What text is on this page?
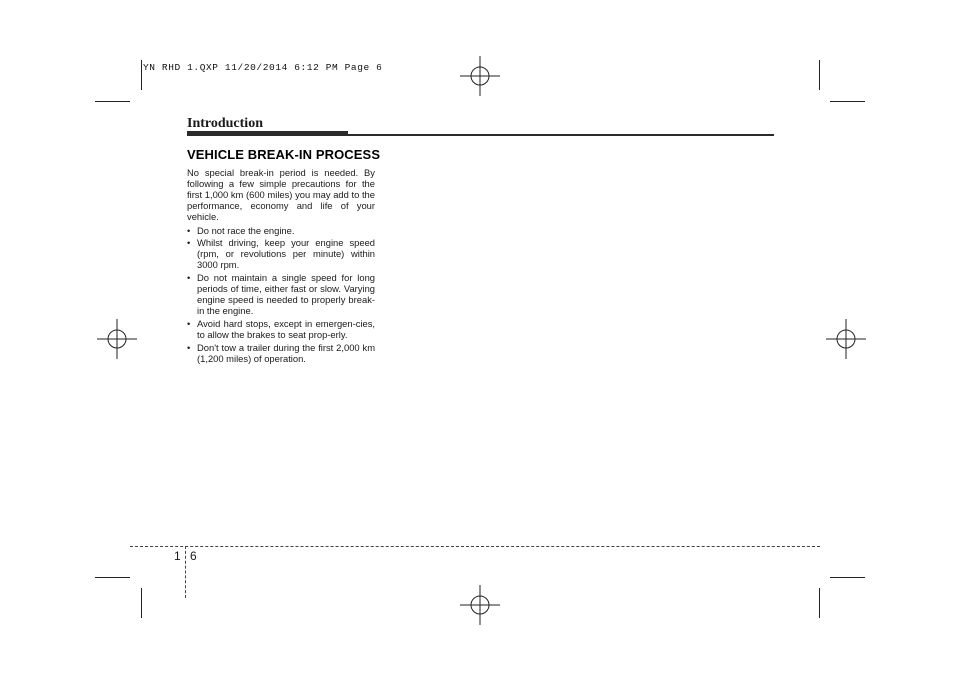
YN RHD 1.QXP 11/20/2014 6:12 PM Page 6
Introduction
VEHICLE BREAK-IN PROCESS

No special break-in period is needed. By following a few simple precautions for the first 1,000 km (600 miles) you may add to the performance, economy and life of your vehicle.

• Do not race the engine.
• Whilst driving, keep your engine speed (rpm, or revolutions per minute) within 3000 rpm.
• Do not maintain a single speed for long periods of time, either fast or slow. Varying engine speed is needed to properly break-in the engine.
• Avoid hard stops, except in emergen-cies, to allow the brakes to seat prop-erly.
• Don't tow a trailer during the first 2,000 km (1,200 miles) of operation.
1 6
